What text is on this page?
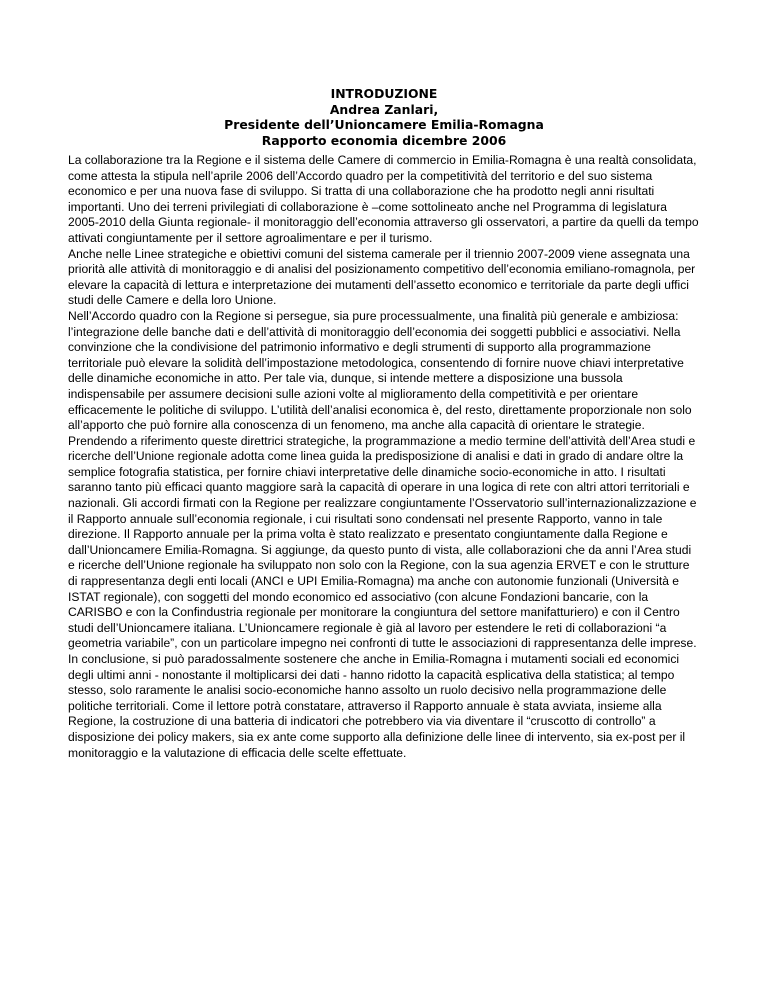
INTRODUZIONE
Andrea Zanlari,
Presidente dell’Unioncamere Emilia-Romagna
Rapporto economia dicembre 2006

La collaborazione tra la Regione e il sistema delle Camere di commercio in Emilia-Romagna è una realtà consolidata, come attesta la stipula nell’aprile 2006 dell’Accordo quadro per la competitività del territorio e del suo sistema economico e per una nuova fase di sviluppo. Si tratta di una collaborazione che ha prodotto negli anni risultati importanti. Uno dei terreni privilegiati di collaborazione è –come sottolineato anche nel Programma di legislatura 2005-2010 della Giunta regionale- il monitoraggio dell’economia attraverso gli osservatori, a partire da quelli da tempo attivati congiuntamente per il settore agroalimentare e per il turismo.

Anche nelle Linee strategiche e obiettivi comuni del sistema camerale per il triennio 2007-2009 viene assegnata una priorità alle attività di monitoraggio e di analisi del posizionamento competitivo dell’economia emiliano-romagnola, per elevare la capacità di lettura e interpretazione dei mutamenti dell’assetto economico e territoriale da parte degli uffici studi delle Camere e della loro Unione.

Nell’Accordo quadro con la Regione si persegue, sia pure processualmente, una finalità più generale e ambiziosa: l’integrazione delle banche dati e dell’attività di monitoraggio dell’economia dei soggetti pubblici e associativi. Nella convinzione che la condivisione del patrimonio informativo e degli strumenti di supporto alla programmazione territoriale può elevare la solidità dell’impostazione metodologica, consentendo di fornire nuove chiavi interpretative delle dinamiche economiche in atto. Per tale via, dunque, si intende mettere a disposizione una bussola indispensabile per assumere decisioni sulle azioni volte al miglioramento della competitività e per orientare efficacemente le politiche di sviluppo. L’utilità dell’analisi economica è, del resto, direttamente proporzionale non solo all’apporto che può fornire alla conoscenza di un fenomeno, ma anche alla capacità di orientare le strategie.

Prendendo a riferimento queste direttrici strategiche, la programmazione a medio termine dell’attività dell’Area studi e ricerche dell’Unione regionale adotta come linea guida la predisposizione di analisi e dati in grado di andare oltre la semplice fotografia statistica, per fornire chiavi interpretative delle dinamiche socio-economiche in atto. I risultati saranno tanto più efficaci quanto maggiore sarà la capacità di operare in una logica di rete con altri attori territoriali e nazionali. Gli accordi firmati con la Regione per realizzare congiuntamente l’Osservatorio sull’internazionalizzazione e il Rapporto annuale sull’economia regionale, i cui risultati sono condensati nel presente Rapporto, vanno in tale direzione. Il Rapporto annuale per la prima volta è stato realizzato e presentato congiuntamente dalla Regione e dall’Unioncamere Emilia-Romagna. Si aggiunge, da questo punto di vista, alle collaborazioni che da anni l’Area studi e ricerche dell’Unione regionale ha sviluppato non solo con la Regione, con la sua agenzia ERVET e con le strutture di rappresentanza degli enti locali (ANCI e UPI Emilia-Romagna) ma anche con autonomie funzionali (Università e ISTAT regionale), con soggetti del mondo economico ed associativo (con alcune Fondazioni bancarie, con la CARISBO e con la Confindustria regionale per monitorare la congiuntura del settore manifatturiero) e con il Centro studi dell’Unioncamere italiana. L’Unioncamere regionale è già al lavoro per estendere le reti di collaborazioni “a geometria variabile”, con un particolare impegno nei confronti di tutte le associazioni di rappresentanza delle imprese.

In conclusione, si può paradossalmente sostenere che anche in Emilia-Romagna i mutamenti sociali ed economici degli ultimi anni - nonostante il moltiplicarsi dei dati - hanno ridotto la capacità esplicativa della statistica; al tempo stesso, solo raramente le analisi socio-economiche hanno assolto un ruolo decisivo nella programmazione delle politiche territoriali. Come il lettore potrà constatare, attraverso il Rapporto annuale è stata avviata, insieme alla Regione, la costruzione di una batteria di indicatori che potrebbero via via diventare il “cruscotto di controllo” a disposizione dei policy makers, sia ex ante come supporto alla definizione delle linee di intervento, sia ex-post per il monitoraggio e la valutazione di efficacia delle scelte effettuate.
